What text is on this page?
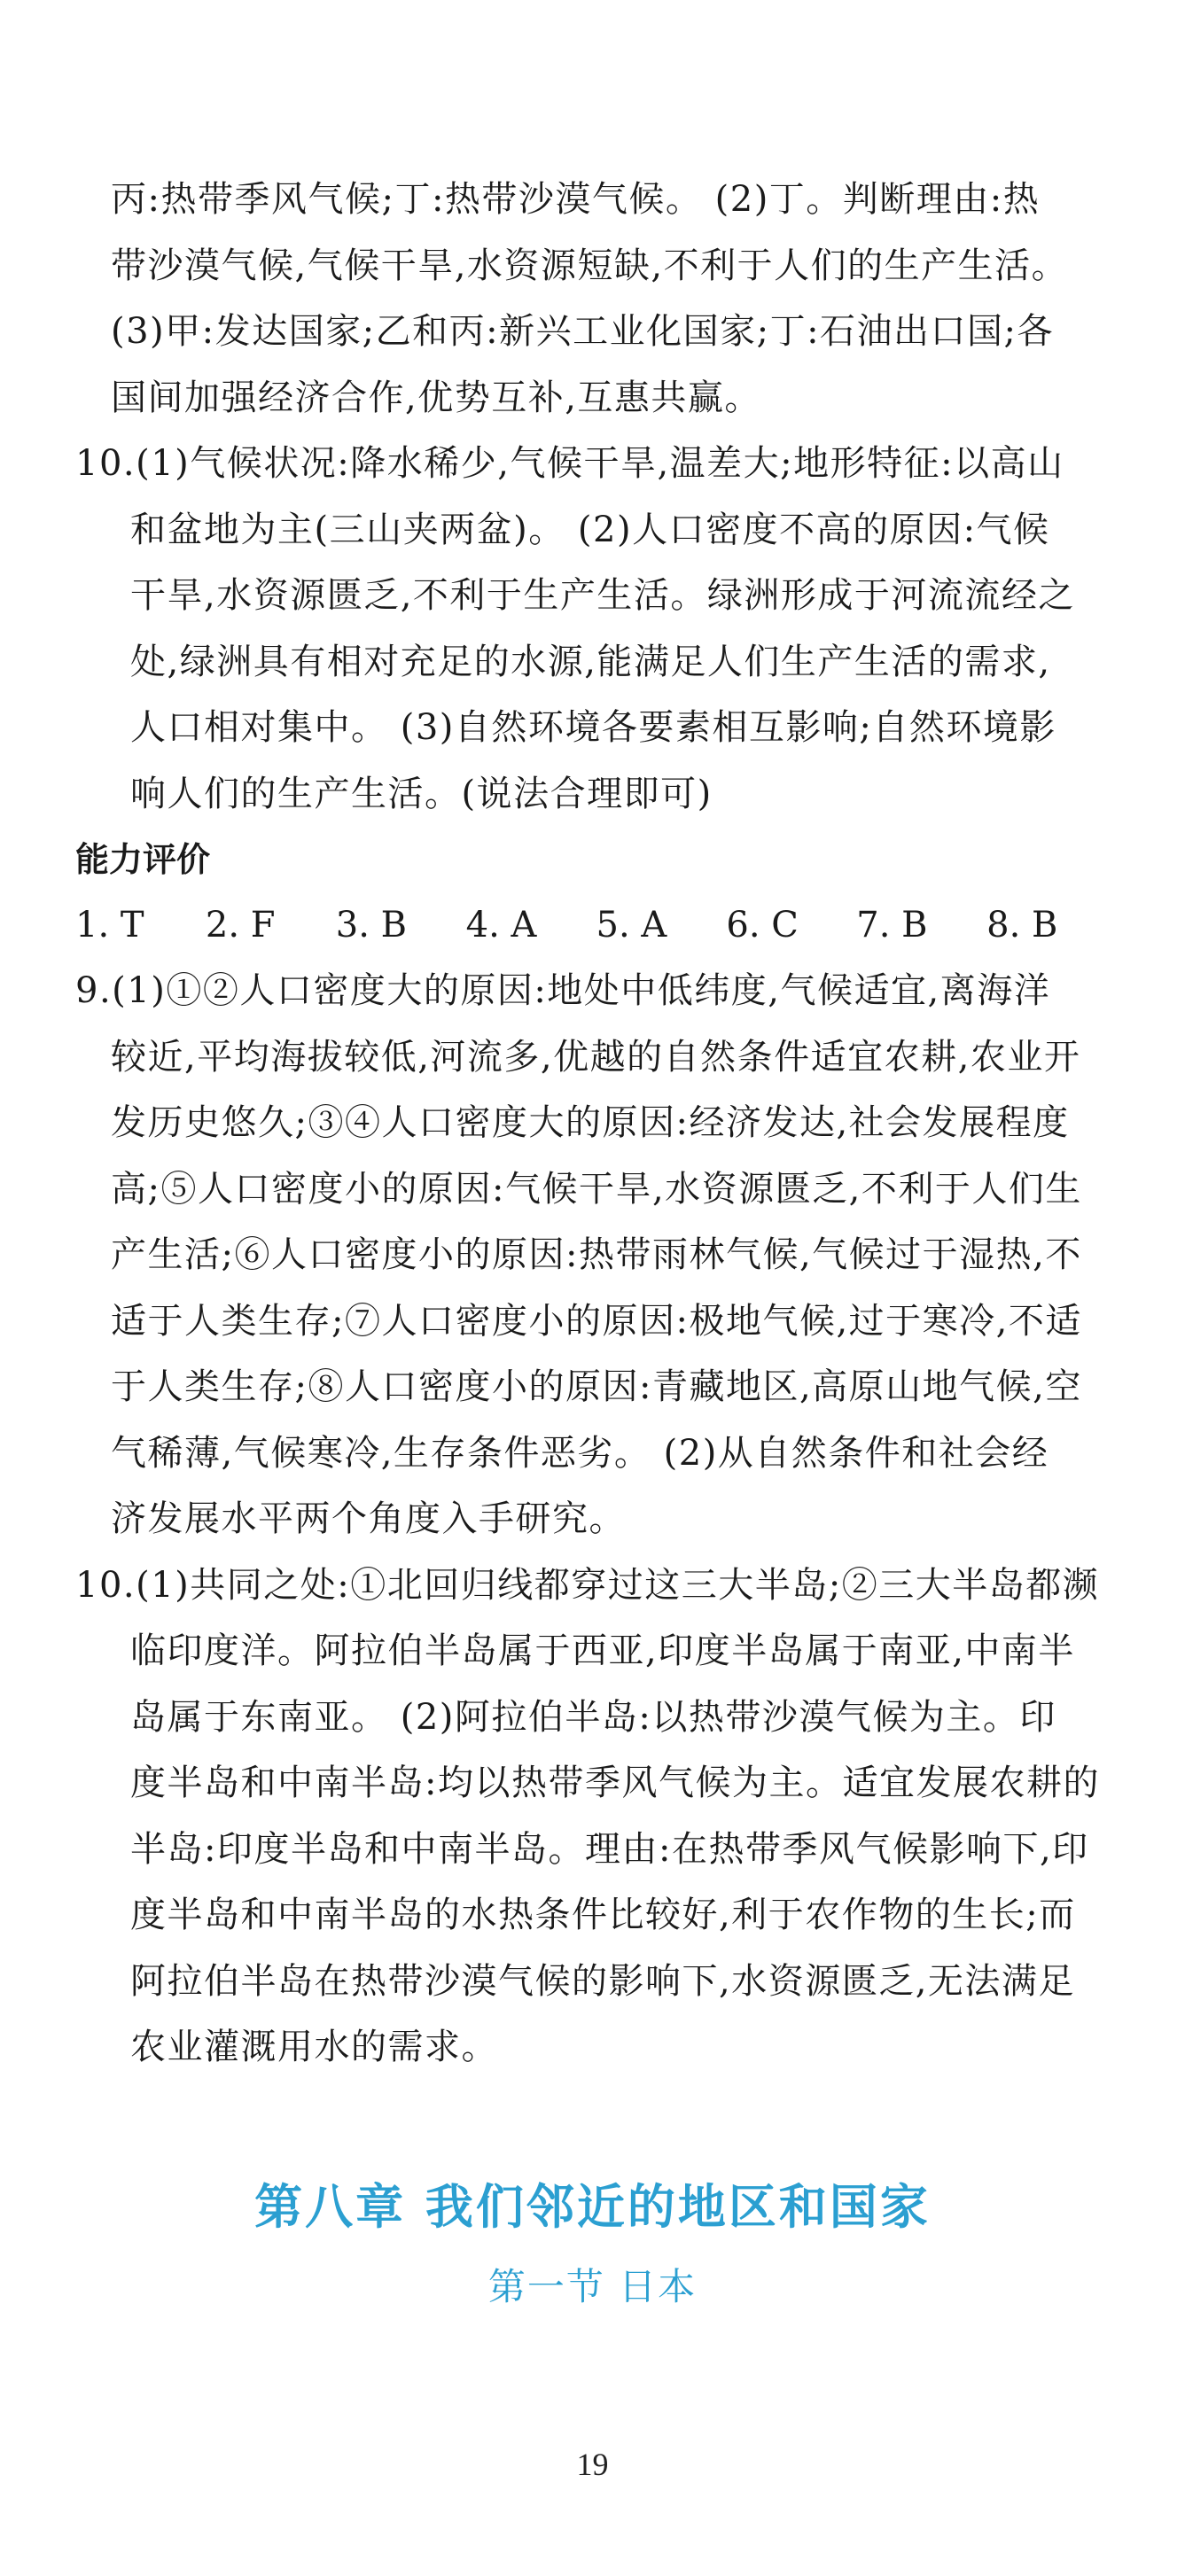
丙:热带季风气候;丁:热带沙漠气候。 (2)丁。判断理由:热
带沙漠气候,气候干旱,水资源短缺,不利于人们的生产生活。
(3)甲:发达国家;乙和丙:新兴工业化国家;丁:石油出口国;各
国间加强经济合作,优势互补,互惠共赢。
10.(1)气候状况:降水稀少,气候干旱,温差大;地形特征:以高山
和盆地为主(三山夹两盆)。 (2)人口密度不高的原因:气候
干旱,水资源匮乏,不利于生产生活。绿洲形成于河流流经之
处,绿洲具有相对充足的水源,能满足人们生产生活的需求,
人口相对集中。 (3)自然环境各要素相互影响;自然环境影
响人们的生产生活。(说法合理即可)
能力评价
1. T	2. F	3. B	4. A	5. A	6. C	7. B	8. B
9.(1)①②人口密度大的原因:地处中低纬度,气候适宜,离海洋
较近,平均海拔较低,河流多,优越的自然条件适宜农耕,农业开
发历史悠久;③④人口密度大的原因:经济发达,社会发展程度
高;⑤人口密度小的原因:气候干旱,水资源匮乏,不利于人们生
产生活;⑥人口密度小的原因:热带雨林气候,气候过于湿热,不
适于人类生存;⑦人口密度小的原因:极地气候,过于寒冷,不适
于人类生存;⑧人口密度小的原因:青藏地区,高原山地气候,空
气稀薄,气候寒冷,生存条件恶劣。 (2)从自然条件和社会经
济发展水平两个角度入手研究。
10.(1)共同之处:①北回归线都穿过这三大半岛;②三大半岛都濒
临印度洋。阿拉伯半岛属于西亚,印度半岛属于南亚,中南半
岛属于东南亚。 (2)阿拉伯半岛:以热带沙漠气候为主。印
度半岛和中南半岛:均以热带季风气候为主。适宜发展农耕的
半岛:印度半岛和中南半岛。理由:在热带季风气候影响下,印
度半岛和中南半岛的水热条件比较好,利于农作物的生长;而
阿拉伯半岛在热带沙漠气候的影响下,水资源匮乏,无法满足
农业灌溉用水的需求。
第八章 我们邻近的地区和国家
第一节 日本
19
